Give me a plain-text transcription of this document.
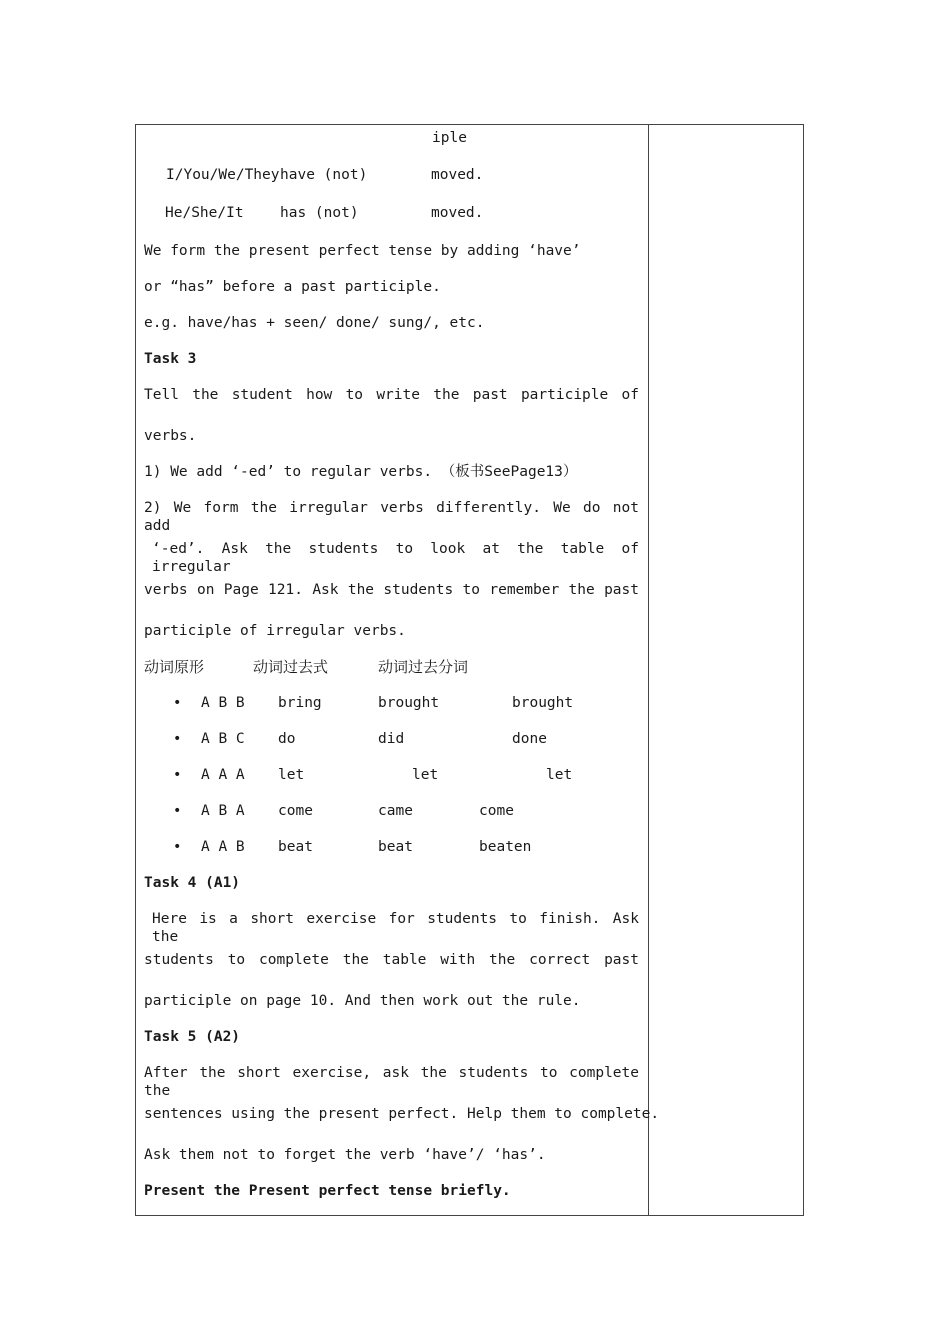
iple
I/You/We/They have (not)	moved.
He/She/It	has (not)	moved.
We form the present perfect tense by adding ‘have’
or “has” before a past participle.
e.g. have/has + seen/ done/ sung/, etc.
Task 3
Tell the student how to write the past participle of
verbs.
1) We add ‘-ed’ to regular verbs. （板书SeePage13）
2) We form the irregular verbs differently. We do not add
‘-ed’. Ask the students to look at the table of irregular
verbs on Page 121. Ask the students to remember the past
participle of irregular verbs.
动词原形	动词过去式	动词过去分词
• A B B bring	brought	brought
• A B C do	did	done
• A A A let	let	let
• A B A come	came	come
• A A B beat	beat	beaten
Task 4 (A1)
Here is a short exercise for students to finish. Ask the
students to complete the table with the correct past
participle on page 10. And then work out the rule.
Task 5 (A2)
After the short exercise, ask the students to complete the
sentences using the present perfect. Help them to complete.
Ask them not to forget the verb ‘have’/ ‘has’.
Present the Present perfect tense briefly.
